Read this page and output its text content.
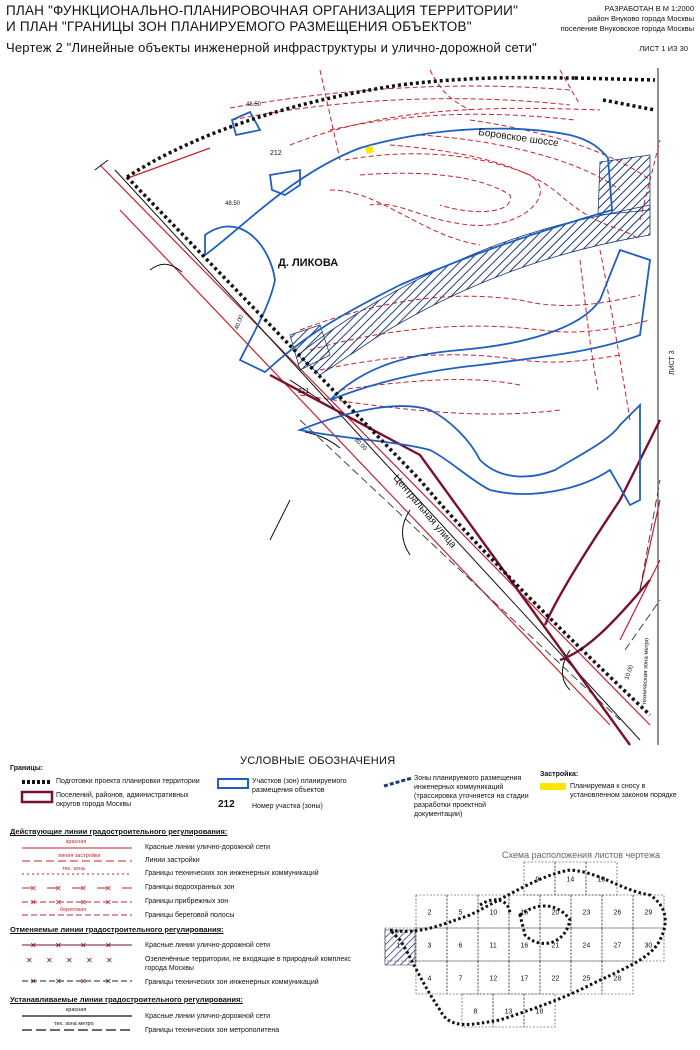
ПЛАН "ФУНКЦИОНАЛЬНО-ПЛАНИРОВОЧНАЯ ОРГАНИЗАЦИЯ ТЕРРИТОРИИ"
И ПЛАН "ГРАНИЦЫ ЗОН ПЛАНИРУЕМОГО РАЗМЕЩЕНИЯ ОБЪЕКТОВ"
Чертеж 2 "Линейные объекты инженерной инфраструктуры и улично-дорожной сети"
РАЗРАБОТАН В М 1:2000
район Внуково города Москвы
поселение Внуковское города Москвы
ЛИСТ 1 ИЗ 30
Д. ЛИКОВА
Боровское шоссе
Центральная улица
ЛИСТ 3
212
211
48.50
48.50
40.00
30.00
техническая зона метро
10.00
✕ ✕ ✕ ✕
✕ ✕ ✕ ✕
✕ ✕ ✕ ✕
✕ ✕ ✕ ✕ ✕
✕ ✕ ✕ ✕
УСЛОВНЫЕ ОБОЗНАЧЕНИЯ
Границы:
Подготовки проекта планировки территории
Поселений, районов, административных округов города Москвы
Участков (зон) планируемого размещения объектов
212 Номер участка (зоны)
Зоны планируемого размещения инженерных коммуникаций (трассировка уточняется на стадии разработки проектной документации)
Застройка:
Планируемая к сносу в установленном законом порядке
Действующие линии градостроительного регулирования:
красная
Красные линии улично-дорожной сети
линия застройки
Линии застройки
тех. зона
Границы технических зон инженерных коммуникаций
Границы водоохранных зон
Границы прибрежных зон
береговая
Границы береговой полосы
Отменяемые линии градостроительного регулирования:
Красные линии улично-дорожной сети
Озеленённые территории, не входящие в природный комплекс города Москвы
Границы технических зон инженерных коммуникаций
Устанавливаемые линии градостроительного регулирования:
красная
Красные линии улично-дорожной сети
тех. зона метро
Границы технических зон метрополитена
Схема расположения листов чертежа
9	14	19
2	5	10	15	20	23	26	29
3	6	11	16	21	24	27	30
4	7	12	17	22	25	28
8	13	18
